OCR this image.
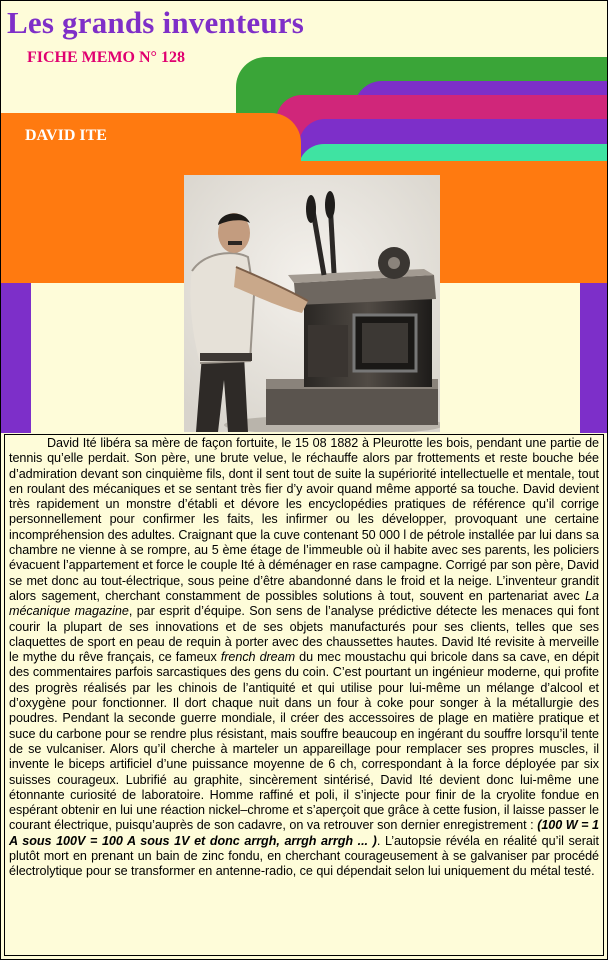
Les grands inventeurs
FICHE MEMO N° 128
DAVID ITE

David Ité libéra sa mère de façon fortuite, le 15 08 1882 à Pleurotte les bois, pendant une partie de tennis qu’elle perdait. Son père, une brute velue, le réchauffe alors par frottements et reste bouche bée d’admiration devant son cinquième fils, dont il sent tout de suite la supériorité intellectuelle et mentale, tout en roulant des mécaniques et se sentant très fier d’y avoir quand même apporté sa touche. David devient très rapidement un monstre d’établi et dévore les encyclopédies pratiques de référence qu’il corrige personnellement pour confirmer les faits, les infirmer ou les développer, provoquant une certaine incompréhension des adultes. Craignant que la cuve contenant 50 000 l de pétrole installée par lui dans sa chambre ne vienne à se rompre, au 5 ème étage de l’immeuble où il habite avec ses parents, les policiers évacuent l’appartement et force le couple Ité à déménager en rase campagne. Corrigé par son père, David se met donc au tout-électrique, sous peine d’être abandonné dans le froid et la neige. L’inventeur grandit alors sagement, cherchant constamment de possibles solutions à tout, souvent en partenariat avec La mécanique magazine, par esprit d’équipe. Son sens de l’analyse prédictive détecte les menaces qui font courir la plupart de ses innovations et de ses objets manufacturés pour ses clients, telles que ses claquettes de sport en peau de requin à porter avec des chaussettes hautes. David Ité revisite à merveille le mythe du rêve français, ce fameux french dream du mec moustachu qui bricole dans sa cave, en dépit des commentaires parfois sarcastiques des gens du coin. C’est pourtant un ingénieur moderne, qui profite des progrès réalisés par les chinois de l’antiquité et qui utilise pour lui-même un mélange d’alcool et d’oxygène pour fonctionner. Il dort chaque nuit dans un four à coke pour songer à la métallurgie des poudres. Pendant la seconde guerre mondiale, il créer des accessoires de plage en matière pratique et suce du carbone pour se rendre plus résistant, mais souffre beaucoup en ingérant du souffre lorsqu’il tente de se vulcaniser. Alors qu’il cherche à marteler un appareillage pour remplacer ses propres muscles, il invente le biceps artificiel d’une puissance moyenne de 6 ch, correspondant à la force déployée par six suisses courageux. Lubrifié au graphite, sincèrement sintérisé, David Ité devient donc lui-même une étonnante curiosité de laboratoire. Homme raffiné et poli, il s’injecte pour finir de la cryolite fondue en espérant obtenir en lui une réaction nickel–chrome et s’aperçoit que grâce à cette fusion, il laisse passer le courant électrique, puisqu’auprès de son cadavre, on va retrouver son dernier enregistrement : (100 W = 1 A sous 100V = 100 A sous 1V et donc arrgh, arrgh arrgh ... ). L’autopsie révéla en réalité qu’il serait plutôt mort en prenant un bain de zinc fondu, en cherchant courageusement à se galvaniser par procédé électrolytique pour se transformer en antenne-radio, ce qui dépendait selon lui uniquement du métal testé.
